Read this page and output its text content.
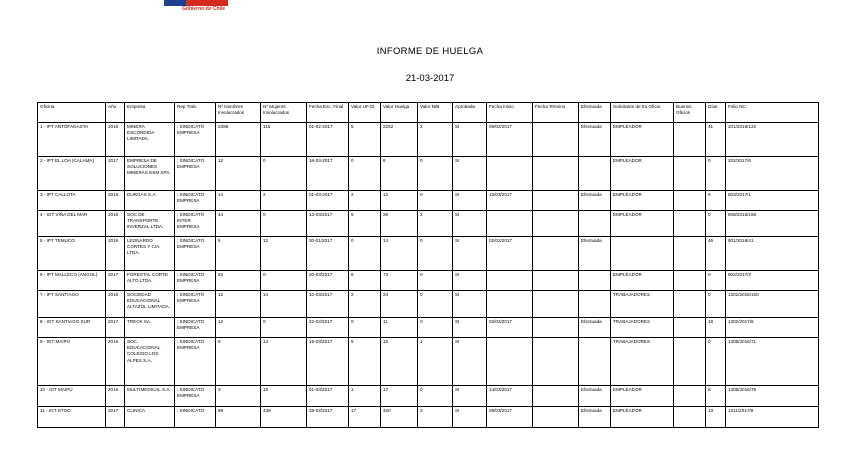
Gobierno de Chile
INFORME DE HUELGA
21-03-2017
Oficina	Año	Empresa	Rep.Trab.	Nº Hombres Involucrados	Nº Mujeres Involucrados	Fecha Exc. Final	Valor UF.Ol.	Valor Huelga	Valor N/B	Aprobada	Fecha Inicio	Fecha Termino	Efectuada	Solicitante de Ex.Oficio	Buenos Oficios	Días	Folio NC
1 - IPT ANTOFAGASTA	2016	MINERA ESCONDIDA LIMITADA.	; SINDICATO EMPRESA	2398	115	01-02-2017	5	2252	2	SI	09/02/2017		Efectuada	EMPLEADOR		41	201/2016/122
2 - IPT EL LOA (CALAMA)	2017	EMPRESA DE SOLUCIONES MINERAS ESM SPA.	; SINDICATO EMPRESA	12	0	16-03-2017	0	8	0	SI				EMPLEADOR		0	202/2017/6
3 - IPT CALLOTA	2016	DURGAS S.A.	; SINDICATO EMPRESA	14	2	01-03-2017	2	12	0	SI	13/03/2017		Efectuada	EMPLEADOR		9	503/2017/1
4 - IGT VIÑA DEL MAR	2016	SOC DE TRANSPORTE INVERZAL LTDA.	; SINDICATO INTER EMPRESA	44	0	13-03/2017	6	28	2	SI				EMPLEADOR		0	508/2016/168
5 - IPT TEMUCO	2016	LEONARDO CORTES Y CIA. LTDA.	; SINDICATO EMPRESA	5	12	30-01/2017	0	14	0	SI	02/02/2017		Efectuada			46	901/2016/41
6 - IPT MALLECO (ANGOL)	2017	FORESTAL CORTE ALTO LTDA.	; SINDICATO EMPRESA	82	0	20-03/2017	8	73	0	SI				EMPLEADOR		0	902/2017/3
7 - IPT SANTIAGO	2016	SOCIEDAD EDUCACIONAL ALTAZOL LIMITADA.	; SINDICATO EMPRESA	12	14	10-03/2017	2	24	0	SI				TRABAJADORES		0	1301/2016/150
8 - IGT SANTIAGO SUR	2017	TRECK SA.	; SINDICATO EMPRESA	12	0	22-02/2017	0	11	0	SI	03/03/2017		Efectuada	TRABAJADORES		19	1302/2017/6
9 - IGT MAIPÚ	2016	SOC. EDUCACIONAL COLEGIO LOS ALPES S.A.	; SINDICATO EMPRESA	8	14	15-03/2017	5	15	1	SI				TRABAJADORES		0	1309/2016/71
10 - IGT MAIPÚ	2016	MULTIMEDICAL S.A.	; SINDICATO EMPRESA	3	18	01-03/2017	1	17	0	SI	14/03/2017		Efectuada	EMPLEADOR		8	1309/2016/78
11 - IGT STGO	2017	CLINICA	; SINDICATO	98	438	28-02/2017	17	320	3	SI	09/03/2017		Efectuada	EMPLEADOR		13	1311/2017/9
